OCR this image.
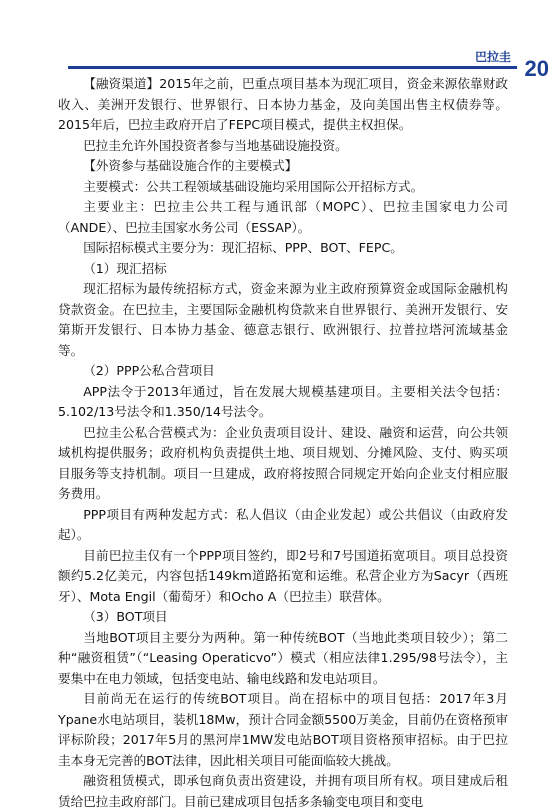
巴拉圭 20

【融资渠道】2015年之前，巴重点项目基本为现汇项目，资金来源依靠财政收入、美洲开发银行、世界银行、日本协力基金，及向美国出售主权债券等。2015年后，巴拉圭政府开启了FEPC项目模式，提供主权担保。

巴拉圭允许外国投资者参与当地基础设施投资。

【外资参与基础设施合作的主要模式】

主要模式：公共工程领域基础设施均采用国际公开招标方式。

主要业主：巴拉圭公共工程与通讯部（MOPC）、巴拉圭国家电力公司（ANDE）、巴拉圭国家水务公司（ESSAP）。

国际招标模式主要分为：现汇招标、PPP、BOT、FEPC。

（1）现汇招标

现汇招标为最传统招标方式，资金来源为业主政府预算资金或国际金融机构贷款资金。在巴拉圭，主要国际金融机构贷款来自世界银行、美洲开发银行、安第斯开发银行、日本协力基金、德意志银行、欧洲银行、拉普拉塔河流域基金等。

（2）PPP公私合营项目

APP法令于2013年通过，旨在发展大规模基建项目。主要相关法令包括：5.102/13号法令和1.350/14号法令。

巴拉圭公私合营模式为：企业负责项目设计、建设、融资和运营，向公共领域机构提供服务；政府机构负责提供土地、项目规划、分摊风险、支付、购买项目服务等支持机制。项目一旦建成，政府将按照合同规定开始向企业支付相应服务费用。

PPP项目有两种发起方式：私人倡议（由企业发起）或公共倡议（由政府发起）。

目前巴拉圭仅有一个PPP项目签约，即2号和7号国道拓宽项目。项目总投资额约5.2亿美元，内容包括149km道路拓宽和运维。私营企业方为Sacyr（西班牙）、Mota Engil（葡萄牙）和Ocho A（巴拉圭）联营体。

（3）BOT项目

当地BOT项目主要分为两种。第一种传统BOT（当地此类项目较少）；第二种“融资租赁”（“Leasing Operaticvo”）模式（相应法律1.295/98号法令），主要集中在电力领域，包括变电站、输电线路和发电站项目。

目前尚无在运行的传统BOT项目。尚在招标中的项目包括：2017年3月Ypane水电站项目，装机18Mw，预计合同金额5500万美金，目前仍在资格预审评标阶段；2017年5月的黑河岸1MW发电站BOT项目资格预审招标。由于巴拉圭本身无完善的BOT法律，因此相关项目可能面临较大挑战。

融资租赁模式，即承包商负责出资建设，并拥有项目所有权。项目建成后租赁给巴拉圭政府部门。目前已建成项目包括多条输变电项目和变电
